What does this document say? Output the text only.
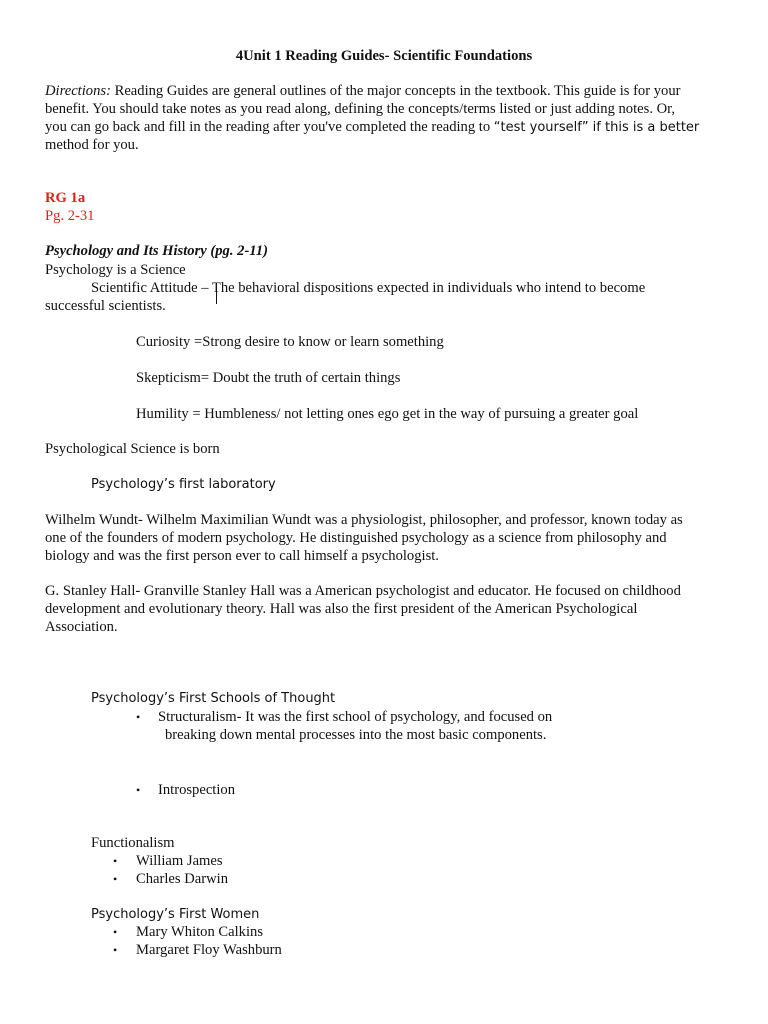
4Unit 1 Reading Guides- Scientific Foundations
Directions: Reading Guides are general outlines of the major concepts in the textbook. This guide is for your
benefit. You should take notes as you read along, defining the concepts/terms listed or just adding notes. Or,
you can go back and fill in the reading after you've completed the reading to “test yourself” if this is a better
method for you.
RG 1a
Pg. 2-31
Psychology and Its History (pg. 2-11)
Psychology is a Science
Scientific Attitude – The behavioral dispositions expected in individuals who intend to become
successful scientists.
Curiosity =Strong desire to know or learn something
Skepticism= Doubt the truth of certain things
Humility = Humbleness/ not letting ones ego get in the way of pursuing a greater goal
Psychological Science is born
Psychology’s first laboratory
Wilhelm Wundt- Wilhelm Maximilian Wundt was a physiologist, philosopher, and professor, known today as
one of the founders of modern psychology. He distinguished psychology as a science from philosophy and
biology and was the first person ever to call himself a psychologist.
G. Stanley Hall- Granville Stanley Hall was a American psychologist and educator. He focused on childhood
development and evolutionary theory. Hall was also the first president of the American Psychological
Association.
Psychology’s First Schools of Thought
• Structuralism- It was the first school of psychology, and focused on
breaking down mental processes into the most basic components.
• Introspection
Functionalism
• William James
• Charles Darwin
Psychology’s First Women
• Mary Whiton Calkins
• Margaret Floy Washburn
